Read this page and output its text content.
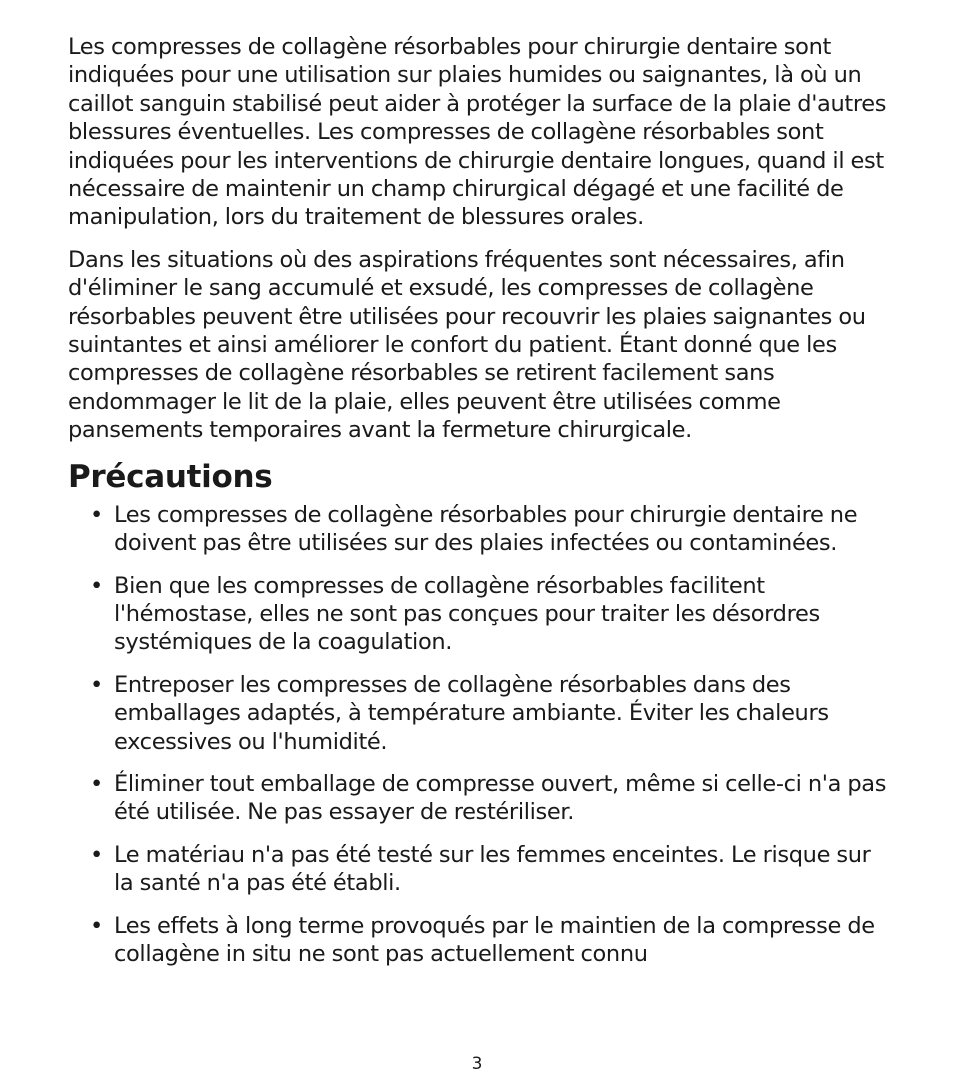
Les compresses de collagène résorbables pour chirurgie dentaire sont indiquées pour une utilisation sur plaies humides ou saignantes, là où un caillot sanguin stabilisé peut aider à protéger la surface de la plaie d'autres blessures éventuelles. Les compresses de collagène résorbables sont indiquées pour les interventions de chirurgie dentaire longues, quand il est nécessaire de maintenir un champ chirurgical dégagé et une facilité de manipulation, lors du traitement de blessures orales.

Dans les situations où des aspirations fréquentes sont nécessaires, afin d'éliminer le sang accumulé et exsudé, les compresses de collagène résorbables peuvent être utilisées pour recouvrir les plaies saignantes ou suintantes et ainsi améliorer le confort du patient. Étant donné que les compresses de collagène résorbables se retirent facilement sans endommager le lit de la plaie, elles peuvent être utilisées comme pansements temporaires avant la fermeture chirurgicale.

Précautions
• Les compresses de collagène résorbables pour chirurgie dentaire ne doivent pas être utilisées sur des plaies infectées ou contaminées.
• Bien que les compresses de collagène résorbables facilitent l'hémostase, elles ne sont pas conçues pour traiter les désordres systémiques de la coagulation.
• Entreposer les compresses de collagène résorbables dans des emballages adaptés, à température ambiante. Éviter les chaleurs excessives ou l'humidité.
• Éliminer tout emballage de compresse ouvert, même si celle-ci n'a pas été utilisée. Ne pas essayer de restériliser.
• Le matériau n'a pas été testé sur les femmes enceintes. Le risque sur la santé n'a pas été établi.
• Les effets à long terme provoqués par le maintien de la compresse de collagène in situ ne sont pas actuellement connu
3
